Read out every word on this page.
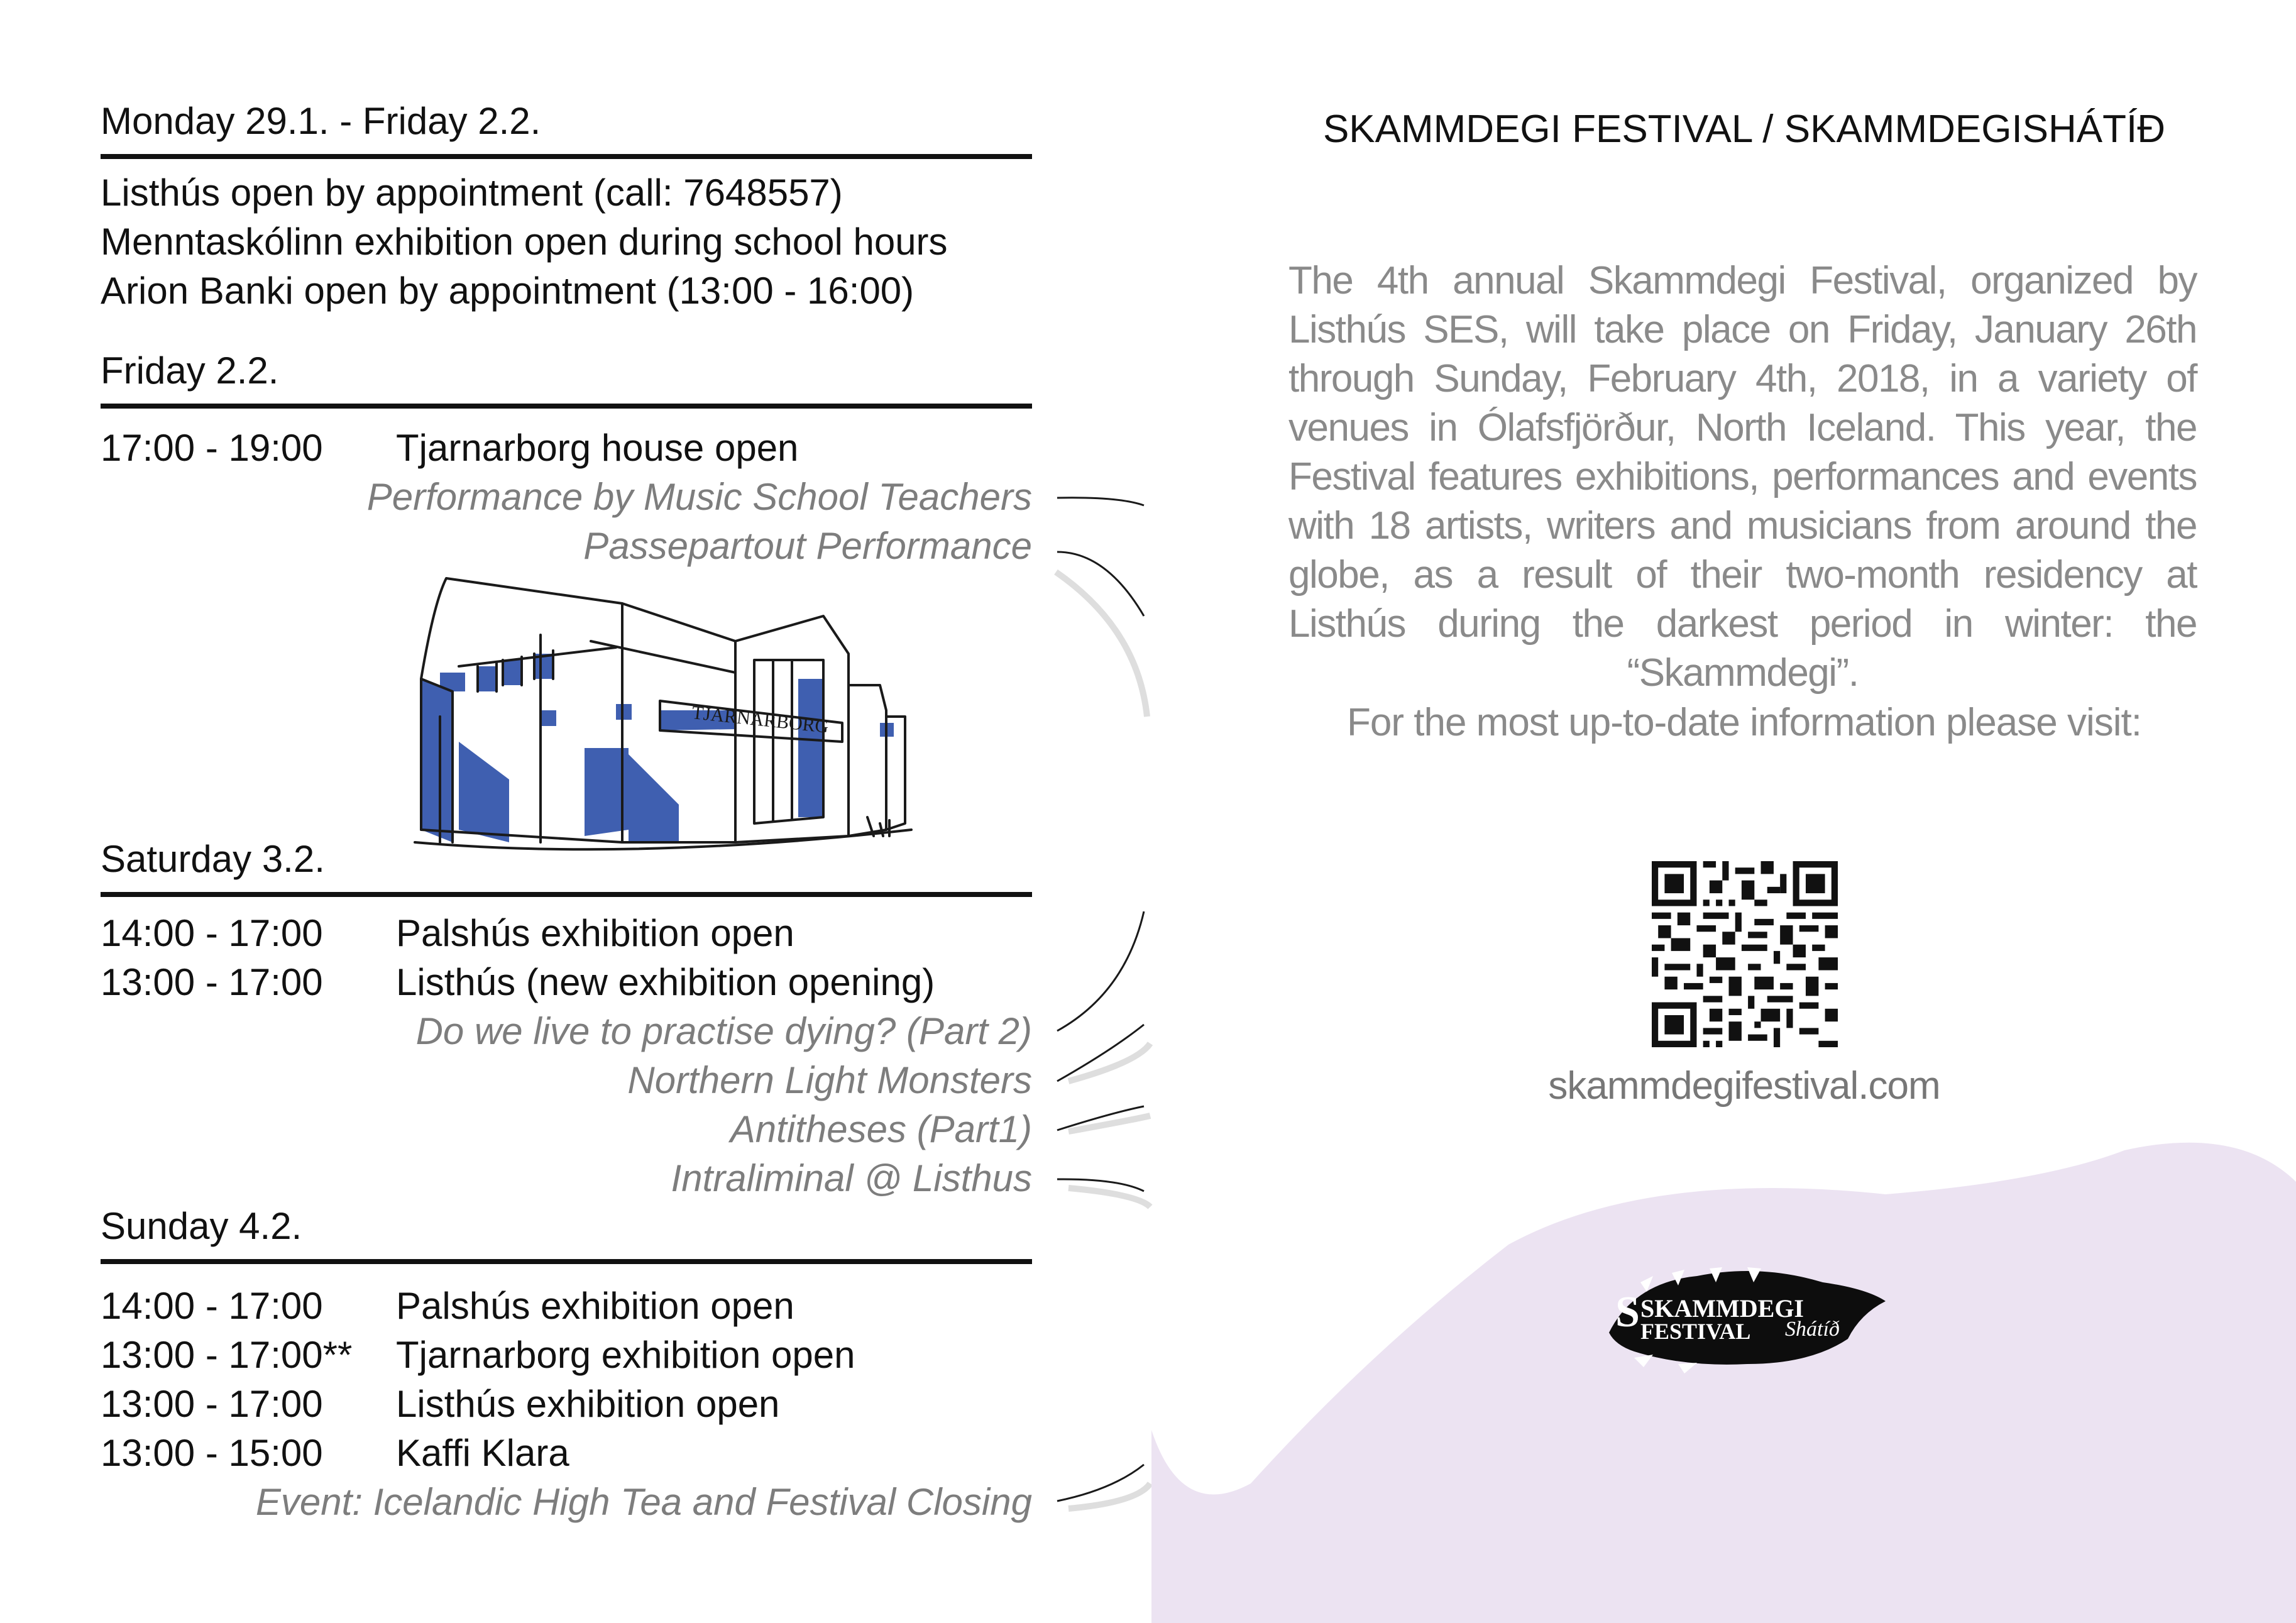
Monday 29.1. - Friday 2.2.
Listhús open by appointment (call: 7648557)
Menntaskólinn exhibition open during school hours
Arion Banki open by appointment (13:00 - 16:00)
Friday 2.2.
17:00 - 19:00 Tjarnarborg house open
Performance by Music School Teachers
Passepartout Performance
TJARNARBORG
Saturday 3.2.
14:00 - 17:00 Palshús exhibition open
13:00 - 17:00 Listhús (new exhibition opening)
Do we live to practise dying? (Part 2)
Northern Light Monsters
Antitheses (Part1)
Intraliminal @ Listhus
Sunday 4.2.
14:00 - 17:00 Palshús exhibition open
13:00 - 17:00** Tjarnarborg exhibition open
13:00 - 17:00 Listhús exhibition open
13:00 - 15:00 Kaffi Klara
Event: Icelandic High Tea and Festival Closing
SKAMMDEGI FESTIVAL / SKAMMDEGISHÁTÍÐ
The 4th annual Skammdegi Festival, organized by Listhús SES, will take place on Friday, January 26th through Sunday, February 4th, 2018, in a variety of venues in Ólafsfjörður, North Iceland. This year, the Festival features exhibitions, performances and events with 18 artists, writers and musicians from around the globe, as a result of their two-month residency at Listhús during the darkest period in winter: the “Skammdegi”.
For the most up-to-date information please visit:
skammdegifestival.com
S SKAMMDEGI
FESTIVAL Shátíð
